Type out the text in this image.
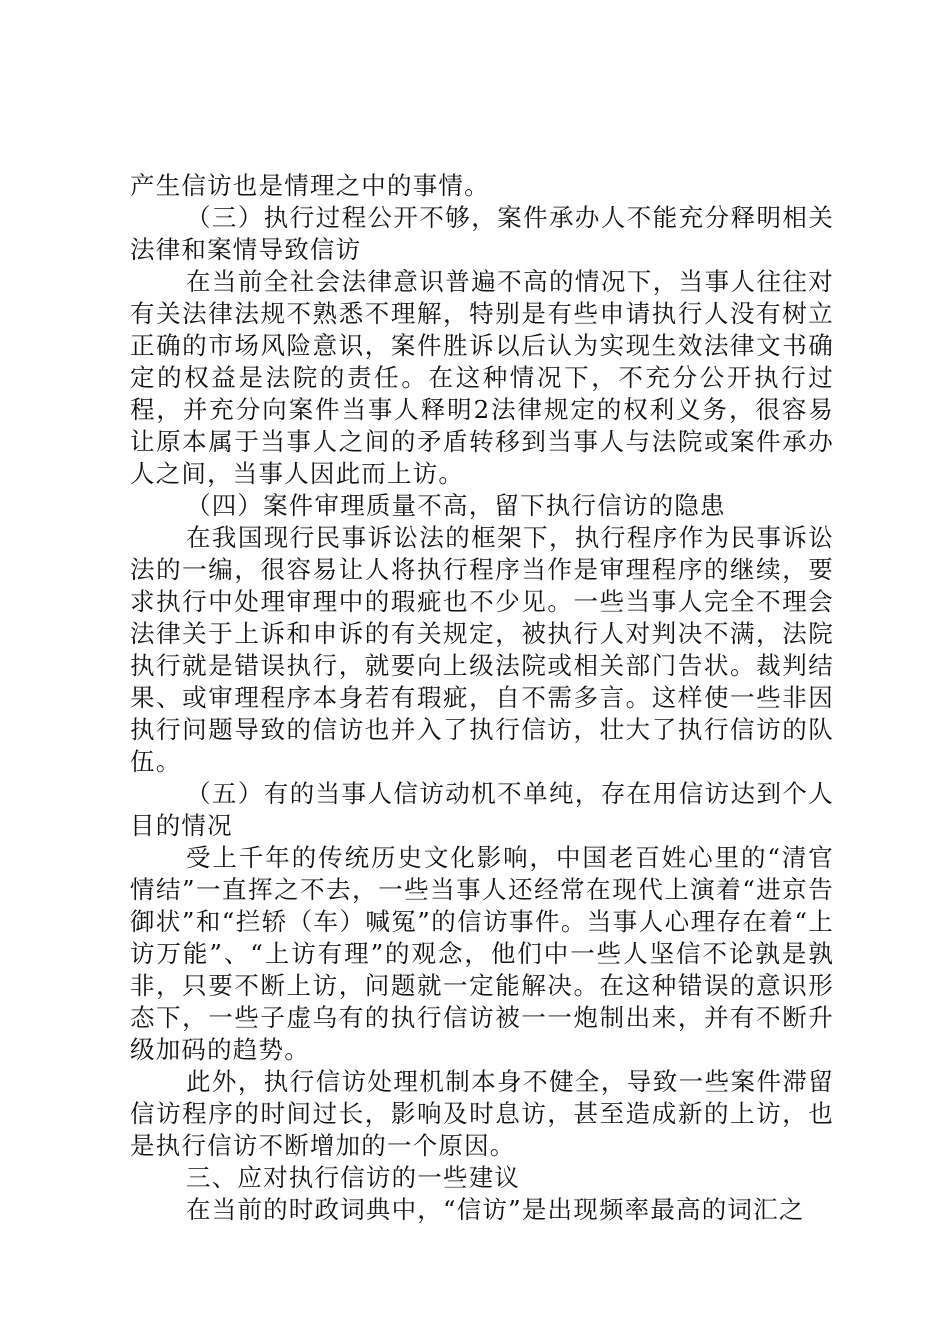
产生信访也是情理之中的事情。

（三）执行过程公开不够，案件承办人不能充分释明相关法律和案情导致信访

在当前全社会法律意识普遍不高的情况下，当事人往往对有关法律法规不熟悉不理解，特别是有些申请执行人没有树立正确的市场风险意识，案件胜诉以后认为实现生效法律文书确定的权益是法院的责任。在这种情况下，不充分公开执行过程，并充分向案件当事人释明2法律规定的权利义务，很容易让原本属于当事人之间的矛盾转移到当事人与法院或案件承办人之间，当事人因此而上访。

（四）案件审理质量不高，留下执行信访的隐患

在我国现行民事诉讼法的框架下，执行程序作为民事诉讼法的一编，很容易让人将执行程序当作是审理程序的继续，要求执行中处理审理中的瑕疵也不少见。一些当事人完全不理会法律关于上诉和申诉的有关规定，被执行人对判决不满，法院执行就是错误执行，就要向上级法院或相关部门告状。裁判结果、或审理程序本身若有瑕疵，自不需多言。这样使一些非因执行问题导致的信访也并入了执行信访，壮大了执行信访的队伍。

（五）有的当事人信访动机不单纯，存在用信访达到个人目的情况

受上千年的传统历史文化影响，中国老百姓心里的“清官情结”一直挥之不去，一些当事人还经常在现代上演着“进京告御状”和“拦轿（车）喊冤”的信访事件。当事人心理存在着“上访万能”、“上访有理”的观念，他们中一些人坚信不论孰是孰非，只要不断上访，问题就一定能解决。在这种错误的意识形态下，一些子虚乌有的执行信访被一一炮制出来，并有不断升级加码的趋势。

此外，执行信访处理机制本身不健全，导致一些案件滞留信访程序的时间过长，影响及时息访，甚至造成新的上访，也是执行信访不断增加的一个原因。

三、应对执行信访的一些建议

在当前的时政词典中，“信访”是出现频率最高的词汇之
